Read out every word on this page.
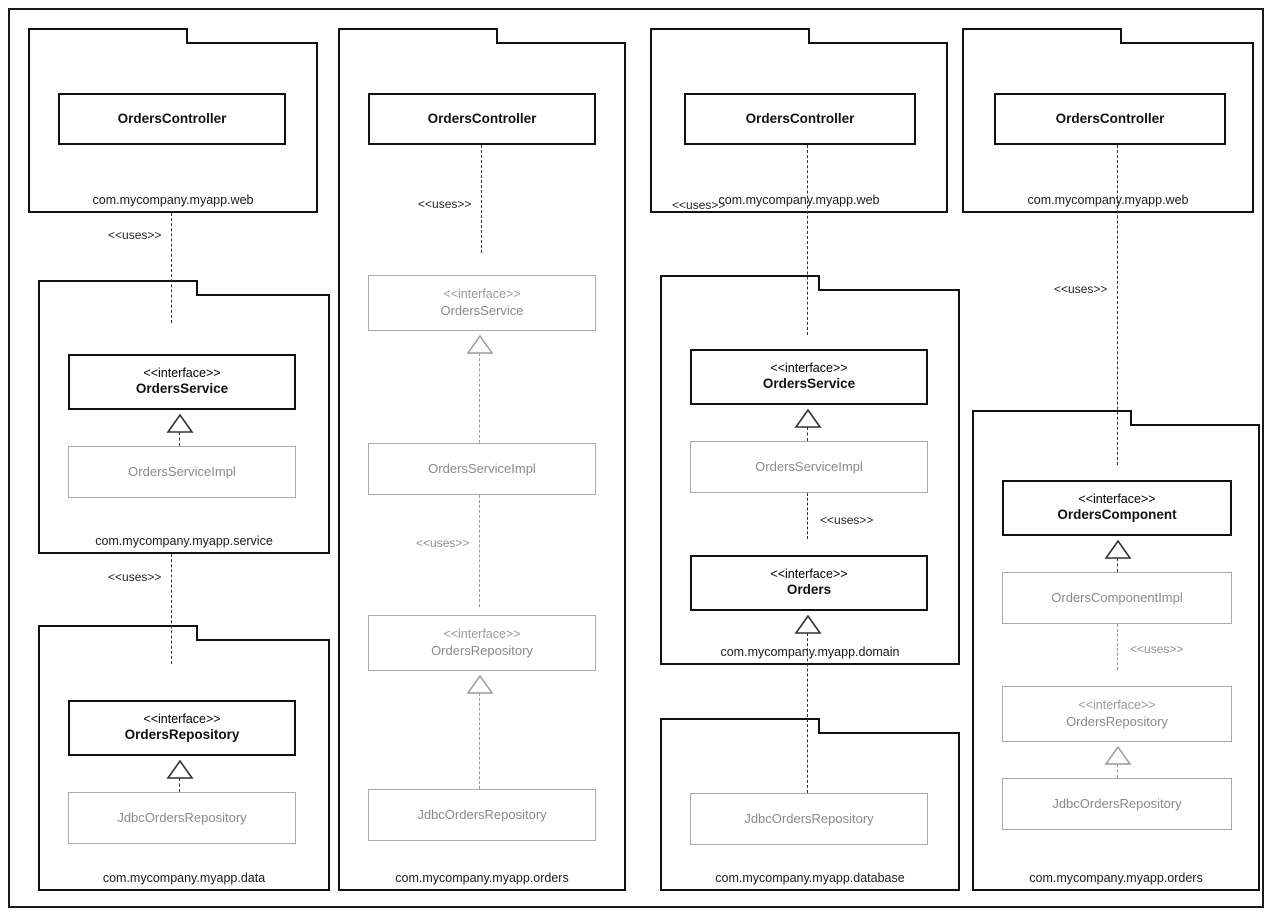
com.mycompany.myapp.web
OrdersController
<<uses>>
com.mycompany.myapp.service
<<interface>>
OrdersService
OrdersServiceImpl
<<uses>>
com.mycompany.myapp.data
<<interface>>
OrdersRepository
JdbcOrdersRepository
com.mycompany.myapp.orders
OrdersController
<<uses>>
<<interface>>
OrdersService
OrdersServiceImpl
<<uses>>
<<interface>>
OrdersRepository
JdbcOrdersRepository
com.mycompany.myapp.web
OrdersController
<<uses>>
com.mycompany.myapp.domain
<<interface>>
OrdersService
OrdersServiceImpl
<<uses>>
<<interface>>
Orders
com.mycompany.myapp.database
JdbcOrdersRepository
com.mycompany.myapp.web
OrdersController
<<uses>>
com.mycompany.myapp.orders
<<interface>>
OrdersComponent
OrdersComponentImpl
<<uses>>
<<interface>>
OrdersRepository
JdbcOrdersRepository
